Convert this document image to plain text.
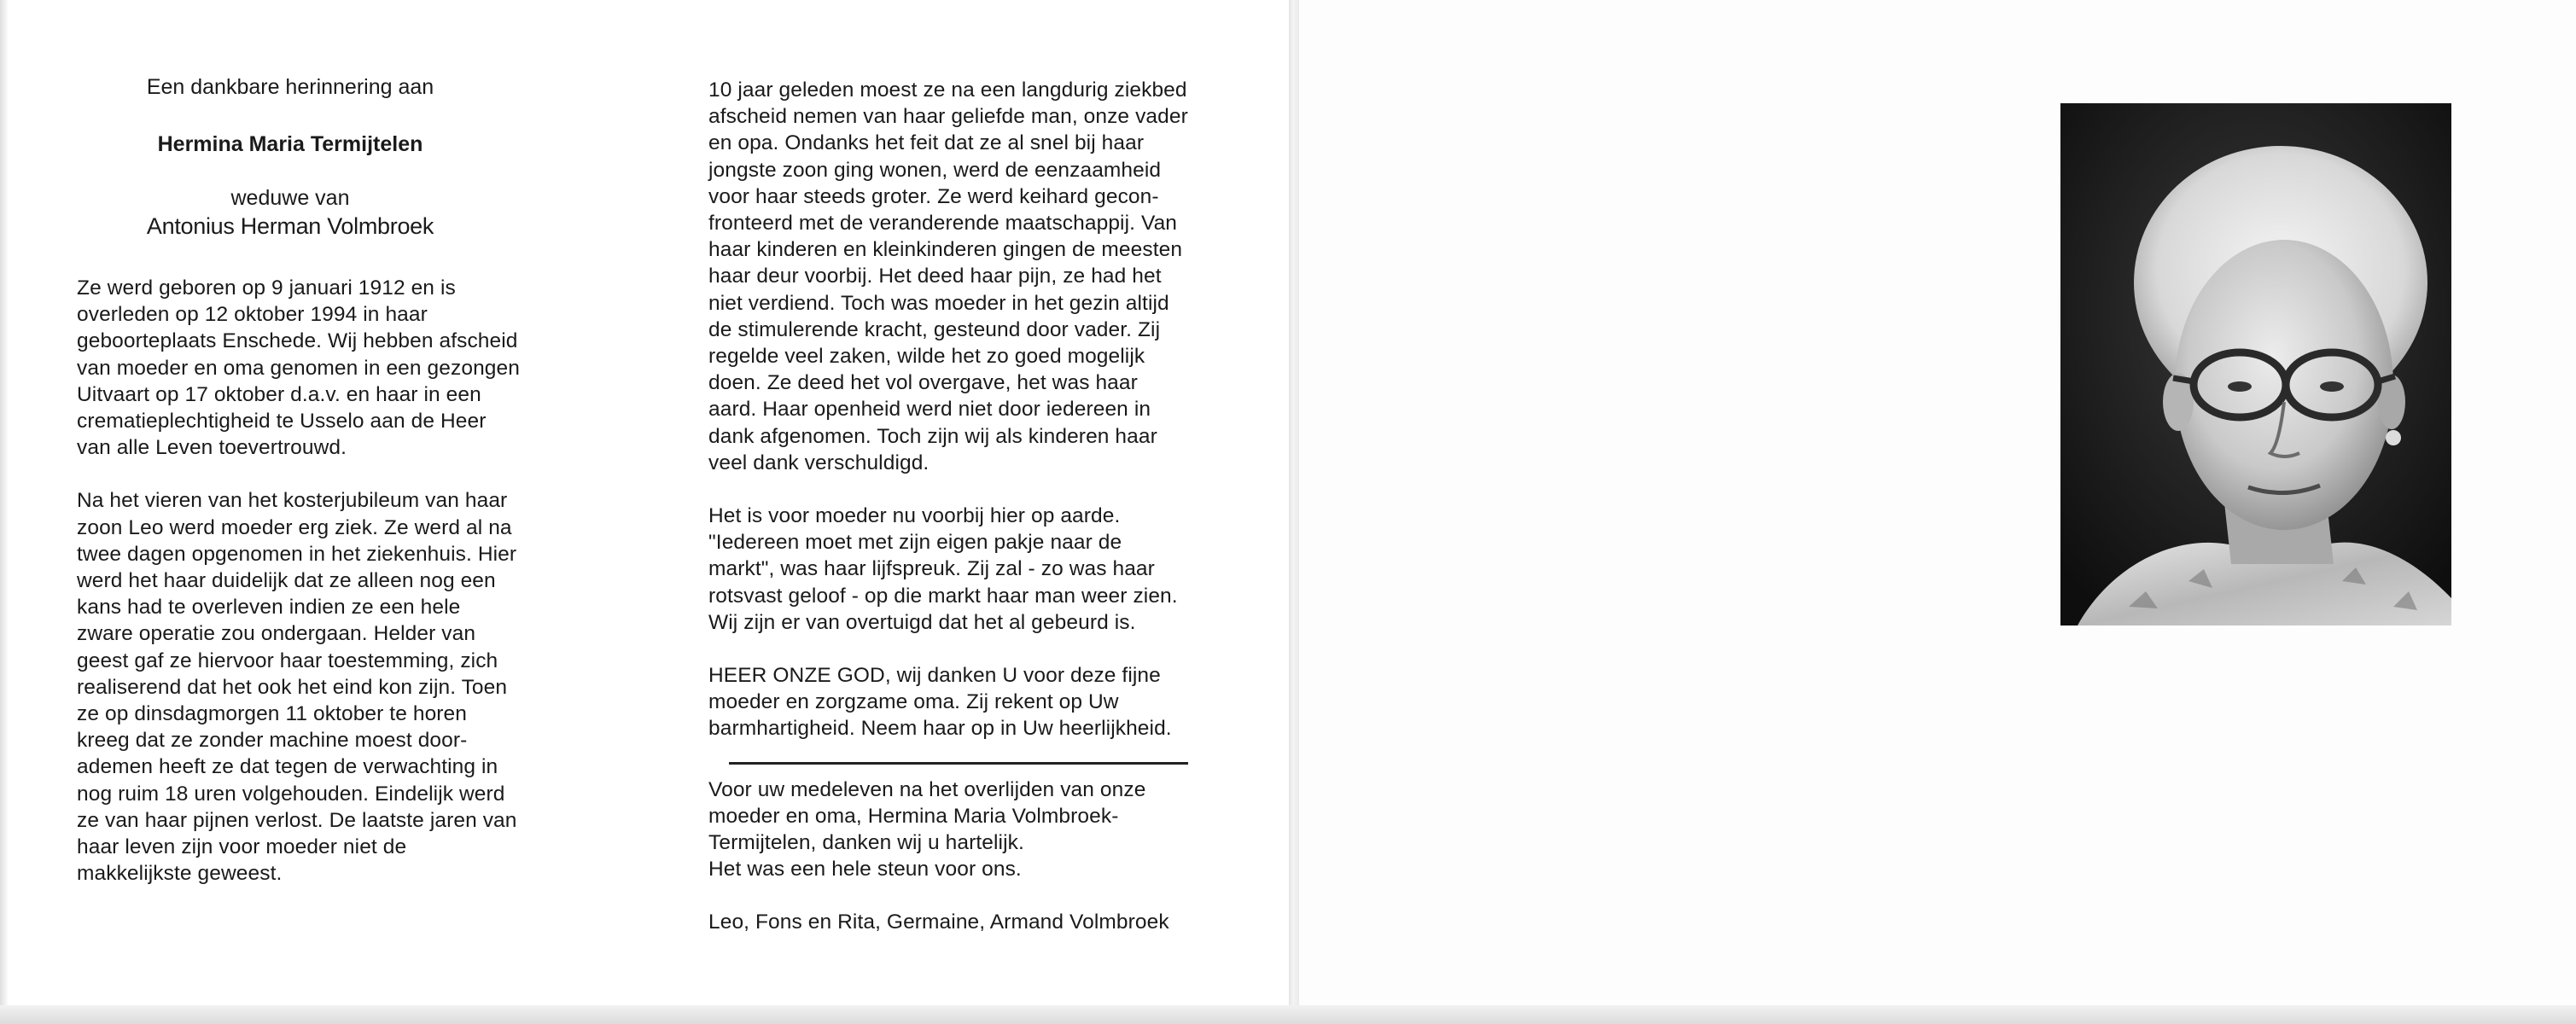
Een dankbare herinnering aan
Hermina Maria Termijtelen
weduwe van
Antonius Herman Volmbroek

Ze werd geboren op 9 januari 1912 en is
overleden op 12 oktober 1994 in haar
geboorteplaats Enschede. Wij hebben afscheid
van moeder en oma genomen in een gezongen
Uitvaart op 17 oktober d.a.v. en haar in een
crematieplechtigheid te Usselo aan de Heer
van alle Leven toevertrouwd.

Na het vieren van het kosterjubileum van haar
zoon Leo werd moeder erg ziek. Ze werd al na
twee dagen opgenomen in het ziekenhuis. Hier
werd het haar duidelijk dat ze alleen nog een
kans had te overleven indien ze een hele
zware operatie zou ondergaan. Helder van
geest gaf ze hiervoor haar toestemming, zich
realiserend dat het ook het eind kon zijn. Toen
ze op dinsdagmorgen 11 oktober te horen
kreeg dat ze zonder machine moest door-
ademen heeft ze dat tegen de verwachting in
nog ruim 18 uren volgehouden. Eindelijk werd
ze van haar pijnen verlost. De laatste jaren van
haar leven zijn voor moeder niet de
makkelijkste geweest.

10 jaar geleden moest ze na een langdurig ziekbed
afscheid nemen van haar geliefde man, onze vader
en opa. Ondanks het feit dat ze al snel bij haar
jongste zoon ging wonen, werd de eenzaamheid
voor haar steeds groter. Ze werd keihard gecon-
fronteerd met de veranderende maatschappij. Van
haar kinderen en kleinkinderen gingen de meesten
haar deur voorbij. Het deed haar pijn, ze had het
niet verdiend. Toch was moeder in het gezin altijd
de stimulerende kracht, gesteund door vader. Zij
regelde veel zaken, wilde het zo goed mogelijk
doen. Ze deed het vol overgave, het was haar
aard. Haar openheid werd niet door iedereen in
dank afgenomen. Toch zijn wij als kinderen haar
veel dank verschuldigd.

Het is voor moeder nu voorbij hier op aarde.
"Iedereen moet met zijn eigen pakje naar de
markt", was haar lijfspreuk. Zij zal - zo was haar
rotsvast geloof - op die markt haar man weer zien.
Wij zijn er van overtuigd dat het al gebeurd is.

HEER ONZE GOD, wij danken U voor deze fijne
moeder en zorgzame oma. Zij rekent op Uw
barmhartigheid. Neem haar op in Uw heerlijkheid.

Voor uw medeleven na het overlijden van onze
moeder en oma, Hermina Maria Volmbroek-
Termijtelen, danken wij u hartelijk.
Het was een hele steun voor ons.

Leo, Fons en Rita, Germaine, Armand Volmbroek
